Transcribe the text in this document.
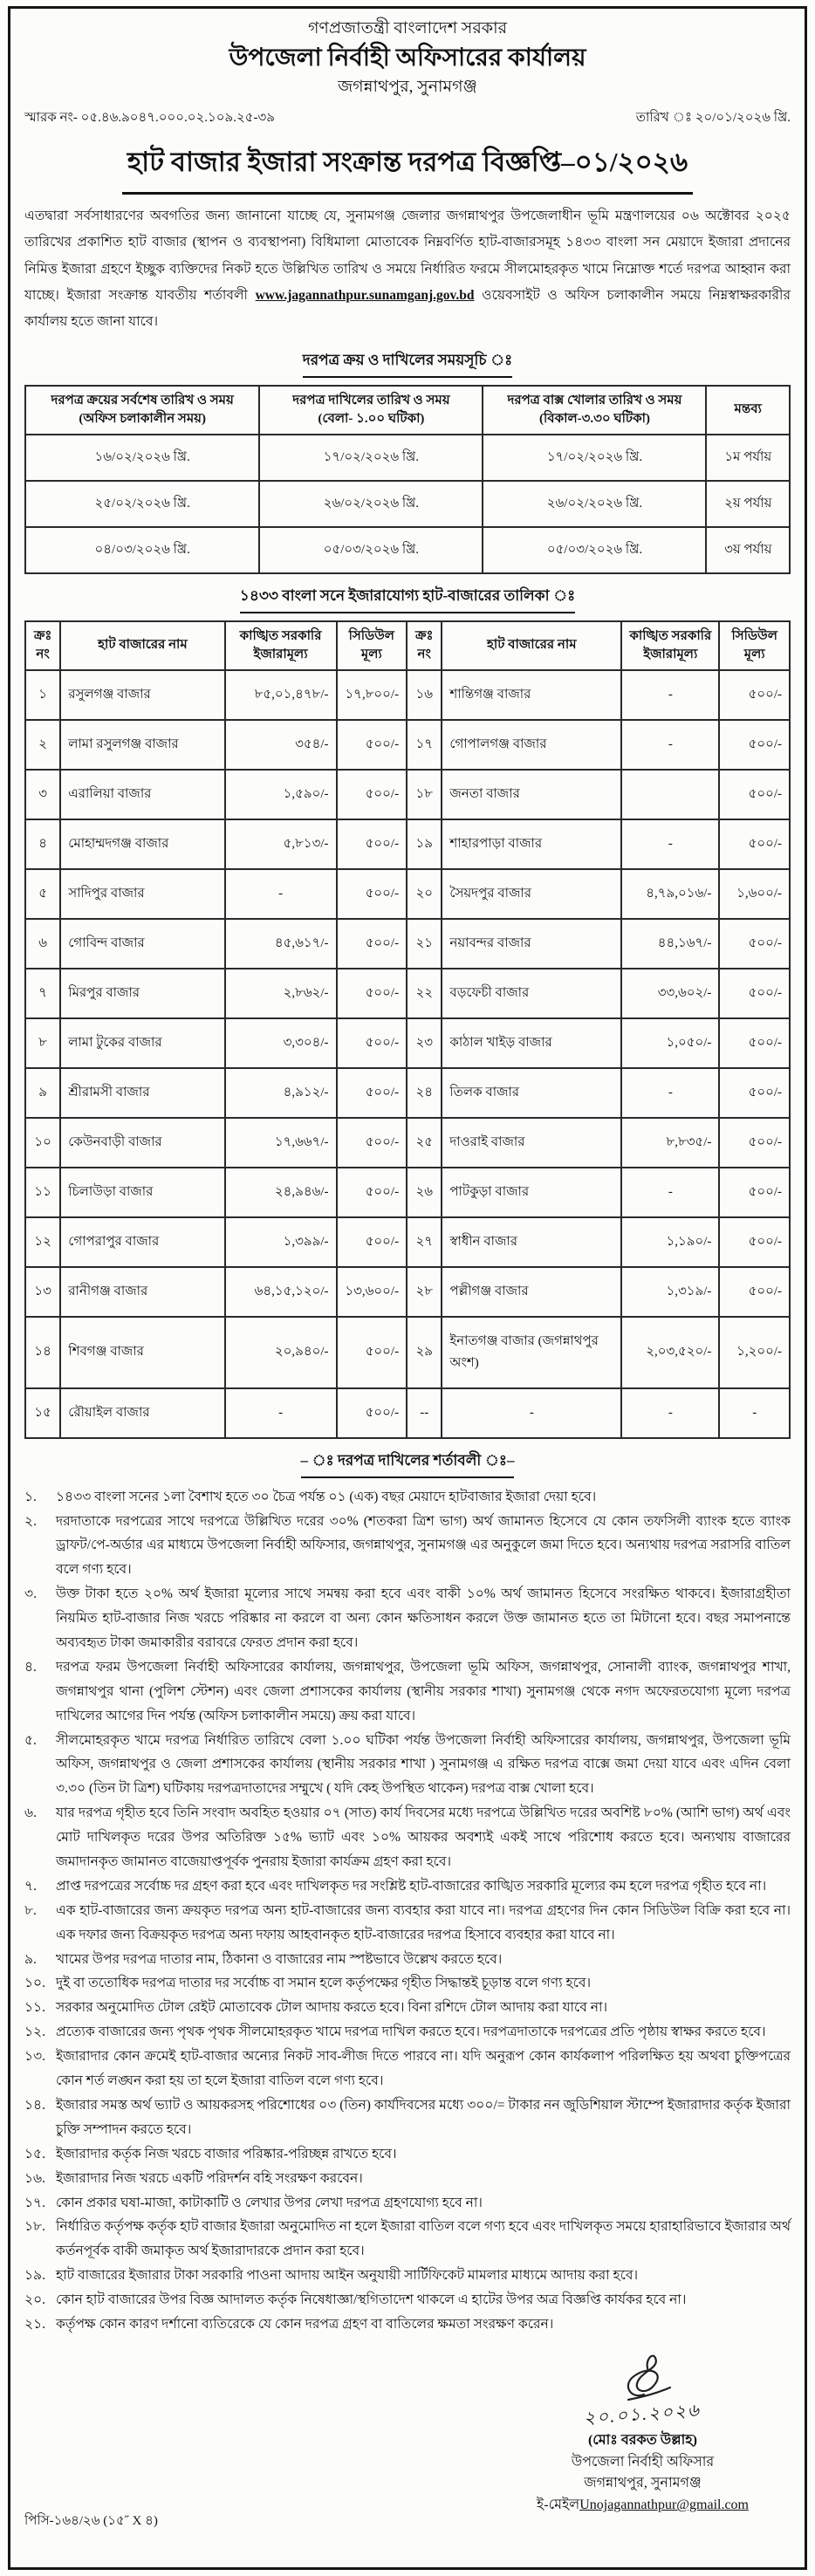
গণপ্রজাতন্ত্রী বাংলাদেশ সরকার
উপজেলা নির্বাহী অফিসারের কার্যালয়
জগন্নাথপুর, সুনামগঞ্জ
স্মারক নং- ০৫.৪৬.৯০৪৭.০০০.০২.১০৯.২৫-৩৯	তারিখ ঃ ২০/০১/২০২৬ খ্রি.
হাট বাজার ইজারা সংক্রান্ত দরপত্র বিজ্ঞপ্তি–০১/২০২৬

এতদ্বারা সর্বসাধারণের অবগতির জন্য জানানো যাচ্ছে যে, সুনামগঞ্জ জেলার জগন্নাথপুর উপজেলাধীন ভূমি মন্ত্রণালয়ের ০৬ অক্টোবর ২০২৫ তারিখের প্রকাশিত হাট বাজার (স্থাপন ও ব্যবস্থাপনা) বিধিমালা মোতাবেক নিম্নবর্ণিত হাট-বাজারসমূহ ১৪৩৩ বাংলা সন মেয়াদে ইজারা প্রদানের নিমিত্ত ইজারা গ্রহণে ইচ্ছুক ব্যক্তিদের নিকট হতে উল্লিখিত তারিখ ও সময়ে নির্ধারিত ফরমে সীলমোহরকৃত খামে নিম্নোক্ত শর্তে দরপত্র আহ্বান করা যাচ্ছে। ইজারা সংক্রান্ত যাবতীয় শর্তাবলী www.jagannathpur.sunamganj.gov.bd ওয়েবসাইট ও অফিস চলাকালীন সময়ে নিম্নস্বাক্ষরকারীর কার্যালয় হতে জানা যাবে।

দরপত্র ক্রয় ও দাখিলের সময়সূচি ঃ
দরপত্র ক্রয়ের সর্বশেষ তারিখ ও সময়
(অফিস চলাকালীন সময়)

দরপত্র দাখিলের তারিখ ও সময়
(বেলা- ১.০০ ঘটিকা)

দরপত্র বাক্স খোলার তারিখ ও সময়
(বিকাল-৩.৩০ ঘটিকা)

মন্তব্য

১৬/০২/২০২৬ খ্রি.	১৭/০২/২০২৬ খ্রি.	১৭/০২/২০২৬ খ্রি.	১ম পর্যায়
২৫/০২/২০২৬ খ্রি.	২৬/০২/২০২৬ খ্রি.	২৬/০২/২০২৬ খ্রি.	২য় পর্যায়
০৪/০৩/২০২৬ খ্রি.	০৫/০৩/২০২৬ খ্রি.	০৫/০৩/২০২৬ খ্রি.	৩য় পর্যায়
১৪৩৩ বাংলা সনে ইজারাযোগ্য হাট-বাজারের তালিকা ঃ
ক্রঃ নং	হাট বাজারের নাম	কাঙ্খিত সরকারি ইজারামূল্য	সিডিউল মূল্য	ক্রঃ নং	হাট বাজারের নাম	কাঙ্খিত সরকারি ইজারামূল্য	সিডিউল মূল্য
১	রসুলগঞ্জ বাজার	৮৫,০১,৪৭৮/-	১৭,৮০০/-	১৬	শান্তিগঞ্জ বাজার	-	৫০০/-
২	লামা রসুলগঞ্জ বাজার	৩৫৪/-	৫০০/-	১৭	গোপালগঞ্জ বাজার	-	৫০০/-
৩	এরালিয়া বাজার	১,৫৯০/-	৫০০/-	১৮	জনতা বাজার		৫০০/-
৪	মোহাম্মদগঞ্জ বাজার	৫,৮১৩/-	৫০০/-	১৯	শাহারপাড়া বাজার	-	৫০০/-
৫	সাদিপুর বাজার	-	৫০০/-	২০	সৈয়দপুর বাজার	৪,৭৯,০১৬/-	১,৬০০/-
৬	গোবিন্দ বাজার	৪৫,৬১৭/-	৫০০/-	২১	নয়াবন্দর বাজার	৪৪,১৬৭/-	৫০০/-
৭	মিরপুর বাজার	২,৮৬২/-	৫০০/-	২২	বড়ফেচী বাজার	৩৩,৬০২/-	৫০০/-
৮	লামা টুকের বাজার	৩,৩০৪/-	৫০০/-	২৩	কাঠাল খাইড় বাজার	১,০৫০/-	৫০০/-
৯	শ্রীরামসী বাজার	৪,৯১২/-	৫০০/-	২৪	তিলক বাজার	-	৫০০/-
১০	কেউনবাড়ী বাজার	১৭,৬৬৭/-	৫০০/-	২৫	দাওরাই বাজার	৮,৮৩৫/-	৫০০/-
১১	চিলাউড়া বাজার	২৪,৯৪৬/-	৫০০/-	২৬	পাটকুড়া বাজার	-	৫০০/-
১২	গোপরাপুর বাজার	১,৩৯৯/-	৫০০/-	২৭	স্বাধীন বাজার	১,১৯০/-	৫০০/-
১৩	রানীগঞ্জ বাজার	৬৪,১৫,১২০/-	১৩,৬০০/-	২৮	পল্লীগঞ্জ বাজার	১,৩১৯/-	৫০০/-
১৪	শিবগঞ্জ বাজার	২০,৯৪০/-	৫০০/-	২৯	ইনাতগঞ্জ বাজার (জগন্নাথপুর অংশ)	২,০৩,৫২০/-	১,২০০/-
১৫	রৌয়াইল বাজার	-	৫০০/-	--	-	-	-
– ঃ দরপত্র দাখিলের শর্তাবলী ঃ–
১.	১৪৩৩ বাংলা সনের ১লা বৈশাখ হতে ৩০ চৈত্র পর্যন্ত ০১ (এক) বছর মেয়াদে হাটবাজার ইজারা দেয়া হবে।
২.	দরদাতাকে দরপত্রের সাথে দরপত্রে উল্লিখিত দরের ৩০% (শতকরা ত্রিশ ভাগ) অর্থ জামানত হিসেবে যে কোন তফসিলী ব্যাংক হতে ব্যাংক ড্রাফট/পে-অর্ডার এর মাধ্যমে উপজেলা নির্বাহী অফিসার, জগন্নাথপুর, সুনামগঞ্জ এর অনুকুলে জমা দিতে হবে। অন্যথায় দরপত্র সরাসরি বাতিল বলে গণ্য হবে।
৩.	উক্ত টাকা হতে ২০% অর্থ ইজারা মূল্যের সাথে সমন্বয় করা হবে এবং বাকী ১০% অর্থ জামানত হিসেবে সংরক্ষিত থাকবে। ইজারাগ্রহীতা নিয়মিত হাট-বাজার নিজ খরচে পরিষ্কার না করলে বা অন্য কোন ক্ষতিসাধন করলে উক্ত জামানত হতে তা মিটানো হবে। বছর সমাপনান্তে অব্যবহৃত টাকা জমাকারীর বরাবরে ফেরত প্রদান করা হবে।
৪.	দরপত্র ফরম উপজেলা নির্বাহী অফিসারের কার্যালয়, জগন্নাথপুর, উপজেলা ভূমি অফিস, জগন্নাথপুর, সোনালী ব্যাংক, জগন্নাথপুর শাখা, জগন্নাথপুর থানা (পুলিশ স্টেশন) এবং জেলা প্রশাসকের কার্যালয় (স্থানীয় সরকার শাখা) সুনামগঞ্জ থেকে নগদ অফেরতযোগ্য মূল্যে দরপত্র দাখিলের আগের দিন পর্যন্ত (অফিস চলাকালীন সময়ে) ক্রয় করা যাবে।
৫.	সীলমোহরকৃত খামে দরপত্র নির্ধারিত তারিখে বেলা ১.০০ ঘটিকা পর্যন্ত উপজেলা নির্বাহী অফিসারের কার্যালয়, জগন্নাথপুর, উপজেলা ভূমি অফিস, জগন্নাথপুর ও জেলা প্রশাসকের কার্যালয় (স্থানীয় সরকার শাখা ) সুনামগঞ্জ এ রক্ষিত দরপত্র বাক্সে জমা দেয়া যাবে এবং এদিন বেলা ৩.৩০ (তিন টা ত্রিশ) ঘটিকায় দরপত্রদাতাদের সম্মুখে ( যদি কেহ উপস্থিত থাকেন) দরপত্র বাক্স খোলা হবে।
৬.	যার দরপত্র গৃহীত হবে তিনি সংবাদ অবহিত হওয়ার ০৭ (সাত) কার্য দিবসের মধ্যে দরপত্রে উল্লিখিত দরের অবশিষ্ট ৮০% (আশি ভাগ) অর্থ এবং মোট দাখিলকৃত দরের উপর অতিরিক্ত ১৫% ভ্যাট এবং ১০% আয়কর অবশ্যই একই সাথে পরিশোধ করতে হবে। অন্যথায় বাজারের জমাদানকৃত জামানত বাজেয়াপ্তপূর্বক পুনরায় ইজারা কার্যক্রম গ্রহণ করা হবে।
৭.	প্রাপ্ত দরপত্রের সর্বোচ্চ দর গ্রহণ করা হবে এবং দাখিলকৃত দর সংশ্লিষ্ট হাট-বাজারের কাঙ্খিত সরকারি মূল্যের কম হলে দরপত্র গৃহীত হবে না।
৮.	এক হাট-বাজারের জন্য ক্রয়কৃত দরপত্র অন্য হাট-বাজারের জন্য ব্যবহার করা যাবে না। দরপত্র গ্রহণের দিন কোন সিডিউল বিক্রি করা হবে না। এক দফার জন্য বিক্রয়কৃত দরপত্র অন্য দফায় আহবানকৃত হাট-বাজারের দরপত্র হিসাবে ব্যবহার করা যাবে না।
৯.	খামের উপর দরপত্র দাতার নাম, ঠিকানা ও বাজারের নাম স্পষ্টভাবে উল্লেখ করতে হবে।
১০. দুই বা ততোধিক দরপত্র দাতার দর সর্বোচ্চ বা সমান হলে কর্তৃপক্ষের গৃহীত সিদ্ধান্তই চূড়ান্ত বলে গণ্য হবে।
১১. সরকার অনুমোদিত টোল রেইট মোতাবেক টোল আদায় করতে হবে। বিনা রশিদে টোল আদায় করা যাবে না।
১২. প্রত্যেক বাজারের জন্য পৃথক পৃথক সীলমোহরকৃত খামে দরপত্র দাখিল করতে হবে। দরপত্রদাতাকে দরপত্রের প্রতি পৃষ্ঠায় স্বাক্ষর করতে হবে।
১৩. ইজারাদার কোন ক্রমেই হাট-বাজার অন্যের নিকট সাব-লীজ দিতে পারবে না। যদি অনুরূপ কোন কার্যকলাপ পরিলক্ষিত হয় অথবা চুক্তিপত্রের কোন শর্ত লঙ্ঘন করা হয় তা হলে ইজারা বাতিল বলে গণ্য হবে।
১৪. ইজারার সমস্ত অর্থ ভ্যাট ও আয়করসহ পরিশোধের ০৩ (তিন) কার্যদিবসের মধ্যে ৩০০/= টাকার নন জুডিশিয়াল স্টাম্পে ইজারাদার কর্তৃক ইজারা চুক্তি সম্পাদন করতে হবে।
১৫. ইজারাদার কর্তৃক নিজ খরচে বাজার পরিষ্কার-পরিচ্ছন্ন রাখতে হবে।
১৬. ইজারাদার নিজ খরচে একটি পরিদর্শন বহি সংরক্ষণ করবেন।
১৭. কোন প্রকার ঘষা-মাজা, কাটাকাটি ও লেখার উপর লেখা দরপত্র গ্রহণযোগ্য হবে না।
১৮. নির্ধারিত কর্তৃপক্ষ কর্তৃক হাট বাজার ইজারা অনুমোদিত না হলে ইজারা বাতিল বলে গণ্য হবে এবং দাখিলকৃত সময়ে হারাহারিভাবে ইজারার অর্থ কর্তনপূর্বক বাকী জমাকৃত অর্থ ইজারাদারকে প্রদান করা হবে।
১৯. হাট বাজারের ইজারার টাকা সরকারি পাওনা আদায় আইন অনুযায়ী সার্টিফিকেট মামলার মাধ্যমে আদায় করা হবে।
২০. কোন হাট বাজারের উপর বিজ্ঞ আদালত কর্তৃক নিষেধাজ্ঞা/স্থগিতাদেশ থাকলে এ হাটের উপর অত্র বিজ্ঞপ্তি কার্যকর হবে না।
২১. কর্তৃপক্ষ কোন কারণ দর্শানো ব্যতিরেকে যে কোন দরপত্র গ্রহণ বা বাতিলের ক্ষমতা সংরক্ষণ করেন।
২০.০১.২০২৬
(মোঃ বরকত উল্লাহ)
উপজেলা নির্বাহী অফিসার
জগন্নাথপুর, সুনামগঞ্জ
ই-মেইলUnojagannathpur@gmail.com
পিসি-১৬৪/২৬ (১৫˝ X ৪)
